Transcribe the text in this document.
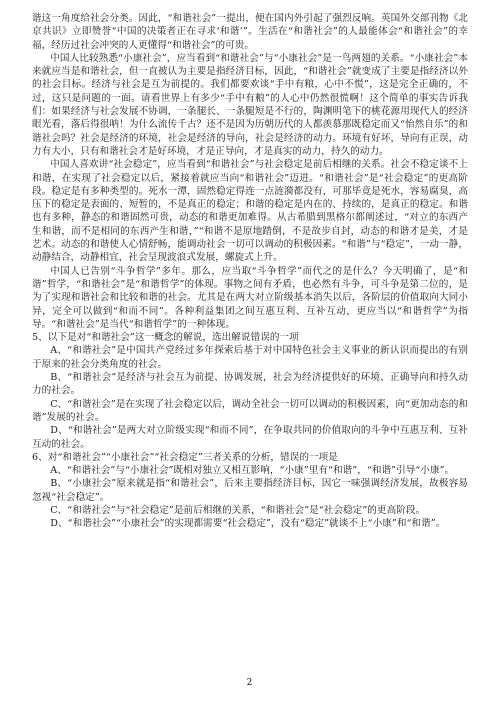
谐这一角度给社会分类。因此，“和谐社会”一提出，便在国内外引起了强烈反响。英国外交部刊物《北京共识》立即赞誉“中国的决策者正在寻求‘和谐’”。生活在“和谐社会”的人最能体会“和谐社会”的幸福，经历过社会冲突的人更懂得“和谐社会”的可贵。

中国人比较熟悉“小康社会”，应当看到“和谐社会”与“小康社会”是一鸟两翅的关系。“小康社会”本来就应当是和谐社会，但一直被认为主要是指经济目标，因此，“和谐社会”就变成了主要是指经济以外的社会目标。经济与社会是互为前提的。我们都要欢谈“手中有粮，心中不慌”，这是完全正确的，不过，这只是问题的一面。请看世界上有多少“手中有粮”的人心中仍然很慌啊！这个简单的事实告诉我们：如果经济与社会发展不协调，一条腿长、一条腿短是不行的，陶渊明笔下的桃花源用现代人的经济眼光看，落后得很呐！为什么流传千古？还不是因为历朝历代的人都羡慕那既稳定而又“怡然自乐”的和谐社会吗？社会是经济的环境，社会是经济的导向，社会是经济的动力。环境有好坏，导向有正误，动力有大小，只有和谐社会才是好环境，才是正导向，才是真实的动力，持久的动力。

中国人喜欢讲“社会稳定”，应当看到“和谐社会”与社会稳定是前后相继的关系。社会不稳定谈不上和谐，在实现了社会稳定以后，紧接着就应当向“和谐社会”迈进。“和谐社会”是“社会稳定”的更高阶段。稳定是有多种类型的。死水一潭，固然稳定得连一点涟漪都没有，可那毕竟是死水，容易腐臭，高压下的稳定是表面的、短暂的，不是真正的稳定；和谐的稳定是内在的、持续的，是真正的稳定。和谐也有多种，静态的和谐固然可贵，动态的和谐更加难得。从古希腊到黑格尔都阐述过，“对立的东西产生和谐，而不是相同的东西产生和谐，”“和谐不是原地踏倒，不是故步自封，动态的和谐才是美，才是艺术。动态的和谐使人心情舒畅，能调动社会一切可以调动的积极因素。“和谐”与“稳定”，一动一静，动静结合，动静相宜，社会呈现波浪式发展，螺旋式上升。

中国人已告别“斗争哲学”多年。那么，应当取“斗争哲学”而代之的是什么？今天明确了，是“和谐”哲学，“和谐社会”是“和谐哲学”的体现。事物之间有矛盾，也必然有斗争，可斗争是第二位的，是为了实现和谐社会和比较和谐的社会。尤其是在两大对立阶级基本消失以后，各阶层的价值取向大同小异，完全可以做到“和而不同”。各种利益集团之间互惠互利、互补互动，更应当以“和谐哲学”为指导。“和谐社会”是当代“和谐哲学”的一种体现。

5、以下是对“和谐社会”这一概念的解说，选出解说错误的一项

A、“和谐社会”是中国共产党经过多年探索后基于对中国特色社会主义事业的新认识而提出的有别于原来的社会分类角度的社会。

B、“和谐社会”是经济与社会互为前提、协调发展，社会为经济提供好的环境、正确导向和持久动力的社会。

C、“和谐社会”是在实现了社会稳定以后，调动全社会一切可以调动的积极因素，向“更加动态的和谐”发展的社会。

D、“和谐社会”是两大对立阶级实现“和而不同”，在争取共同的价值取向的斗争中互惠互利、互补互动的社会。

6、对“和谐社会”“小康社会”“社会稳定”三者关系的分析，错误的一项是

A、“和谐社会”与“小康社会”既相对独立又相互影响，“小康”里有“和谐”，“和谐”引导“小康”。

B、“小康社会”原来就是指“和谐社会”，后来主要指经济目标，因它一味强调经济发展，故极容易忽视“社会稳定”。

C、“和谐社会”与“社会稳定”是前后相继的关系，“和谐社会”是“社会稳定”的更高阶段。

D、“和谐社会”“小康社会”的实现都需要“社会稳定”，没有“稳定”就谈不上“小康”和“和谐”。

2
